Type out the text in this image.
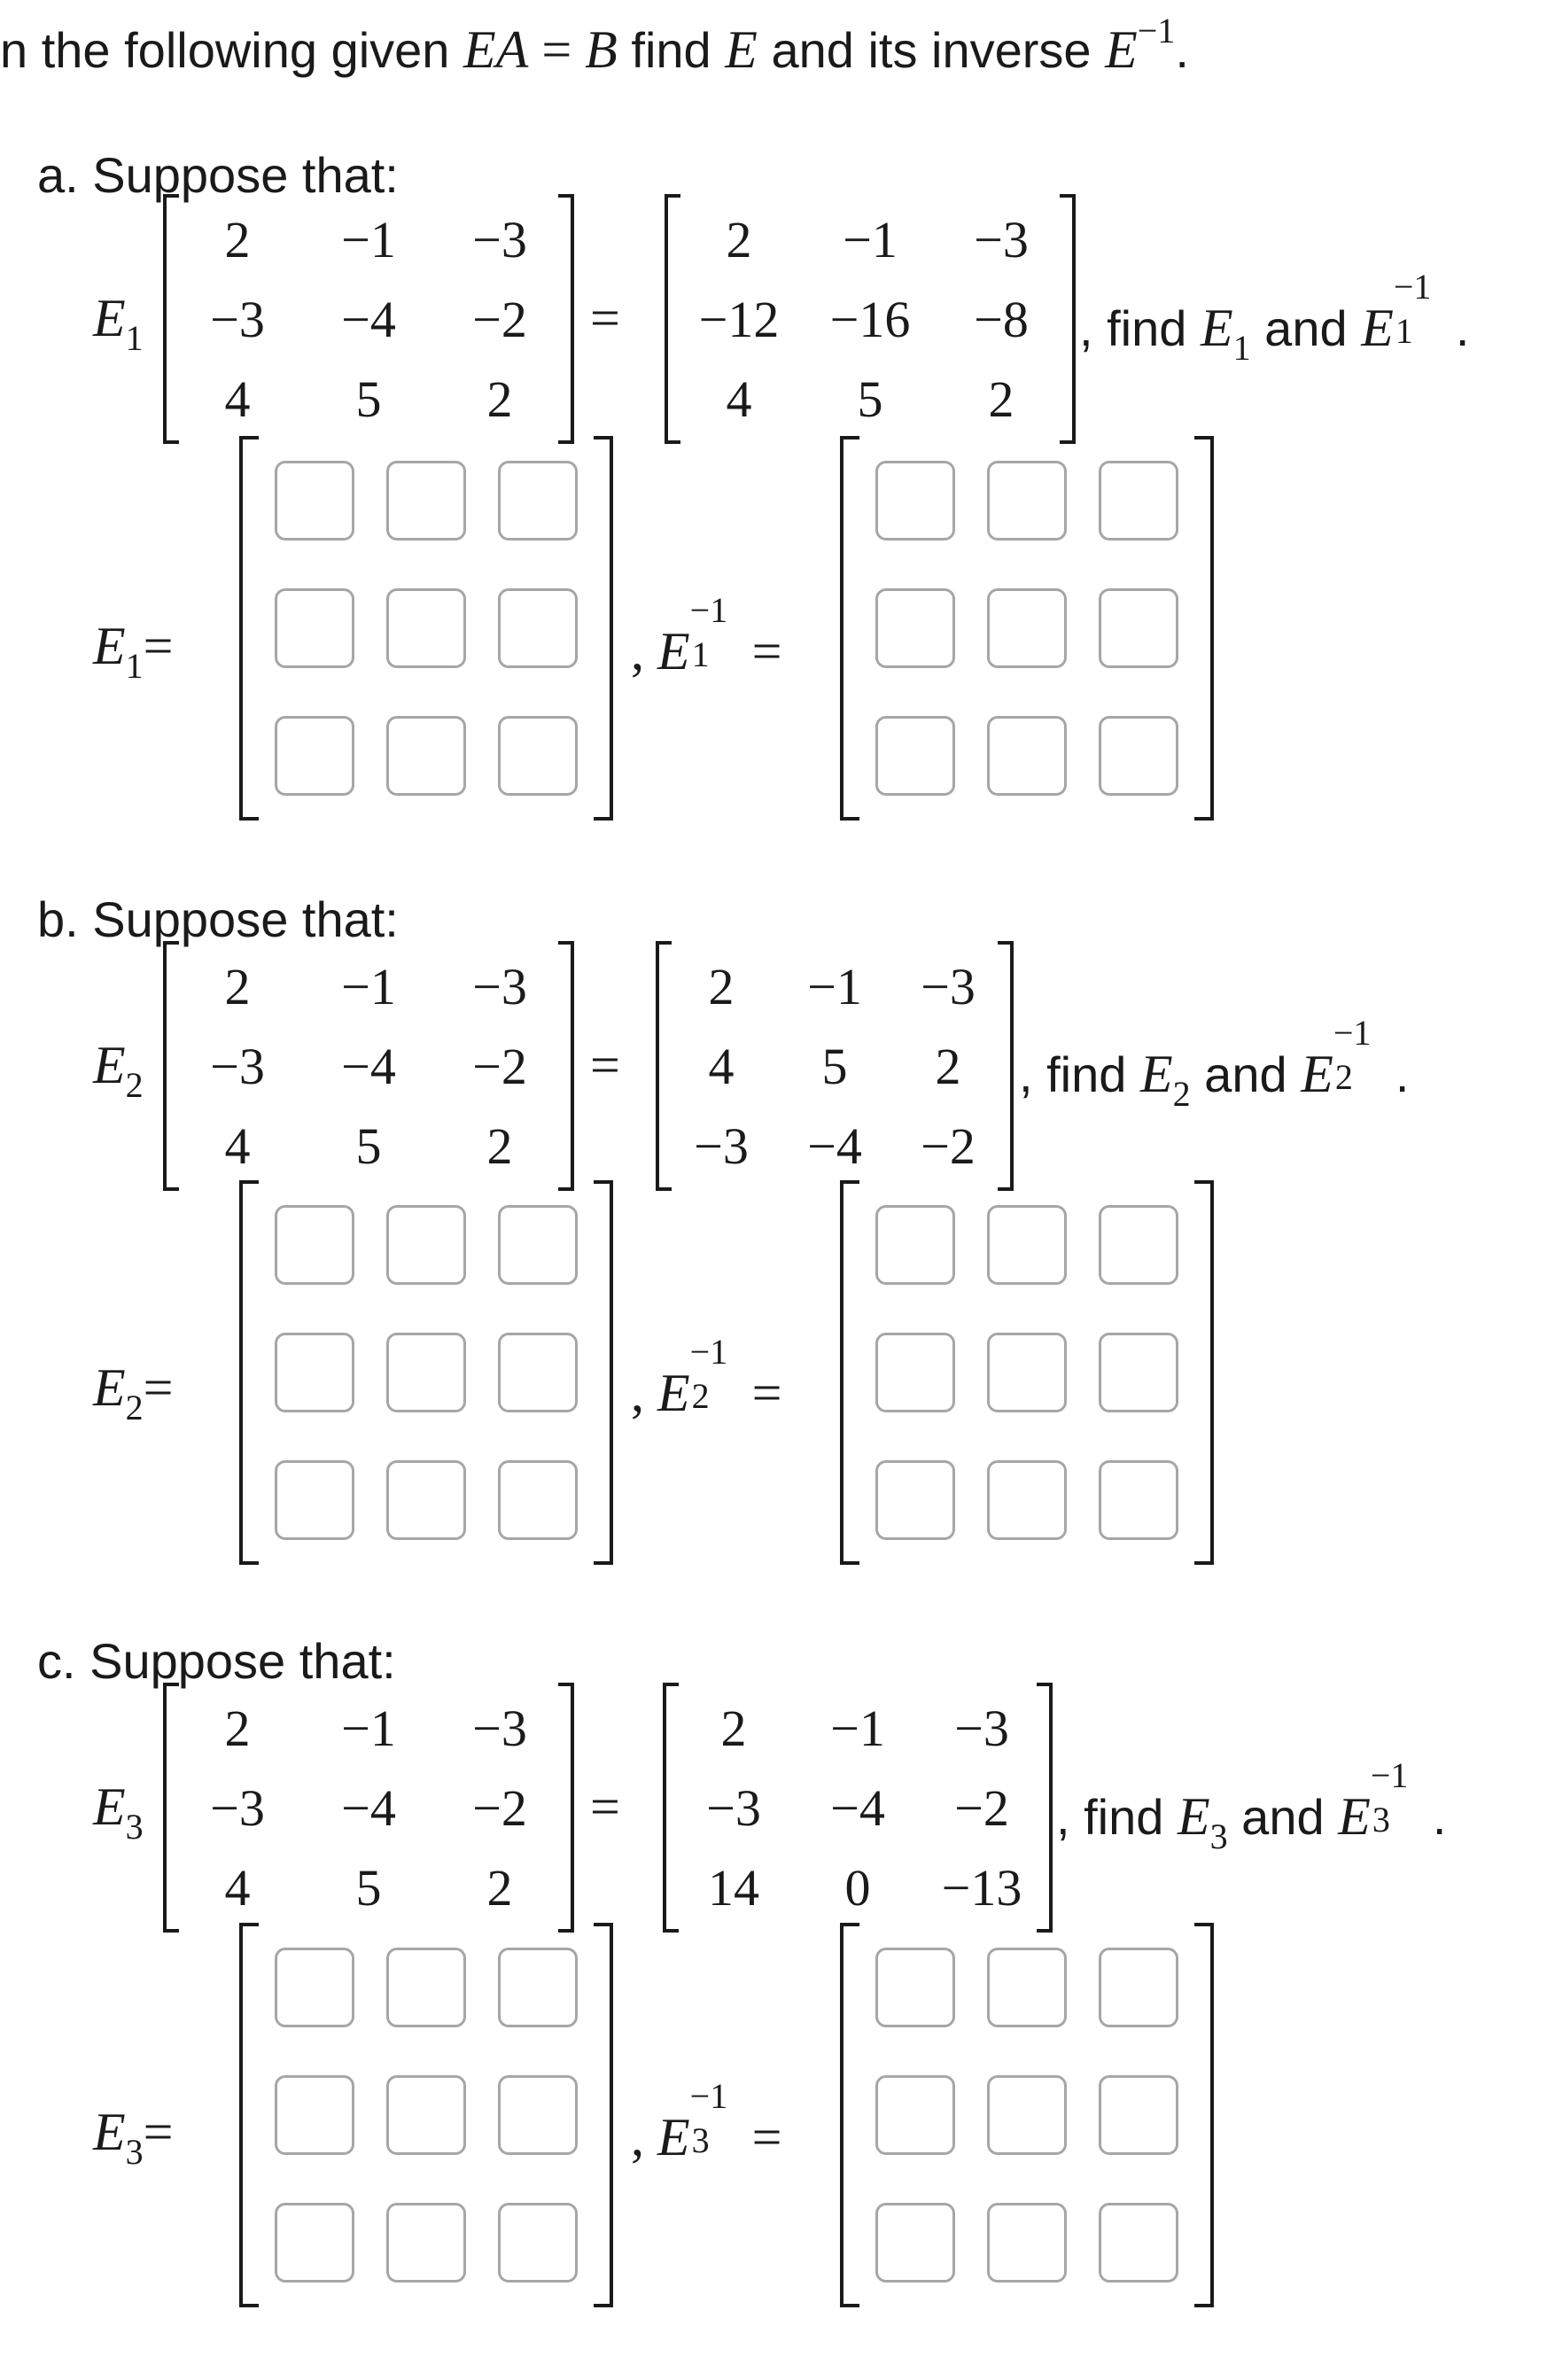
n the following given EA = B find E and its inverse $E^{-1}$.
a. Suppose that:
$E_1$
2	−1	−3
−3	−4	−2
4	5	2
=
2	−1	−3
−12 −16	−8
4	5	2
, find $E_1$ and E
−1
1 .
$E_1=$	, E
−1
1 =
b. Suppose that:
$E_2$
2	−1	−3
−3	−4	−2
4	5	2
=
2	−1	−3
4	5	2
−3	−4	−2
, find $E_2$ and E
−1
2 .
$E_2=$	, E
−1
2 =
c. Suppose that:
$E_3$
2	−1	−3
−3	−4	−2
4	5	2
=
2	−1	−3
−3	−4	−2
14	0	−13
, find $E_3$ and E
−1
3 .
$E_3=$	, E
−1
3 =
